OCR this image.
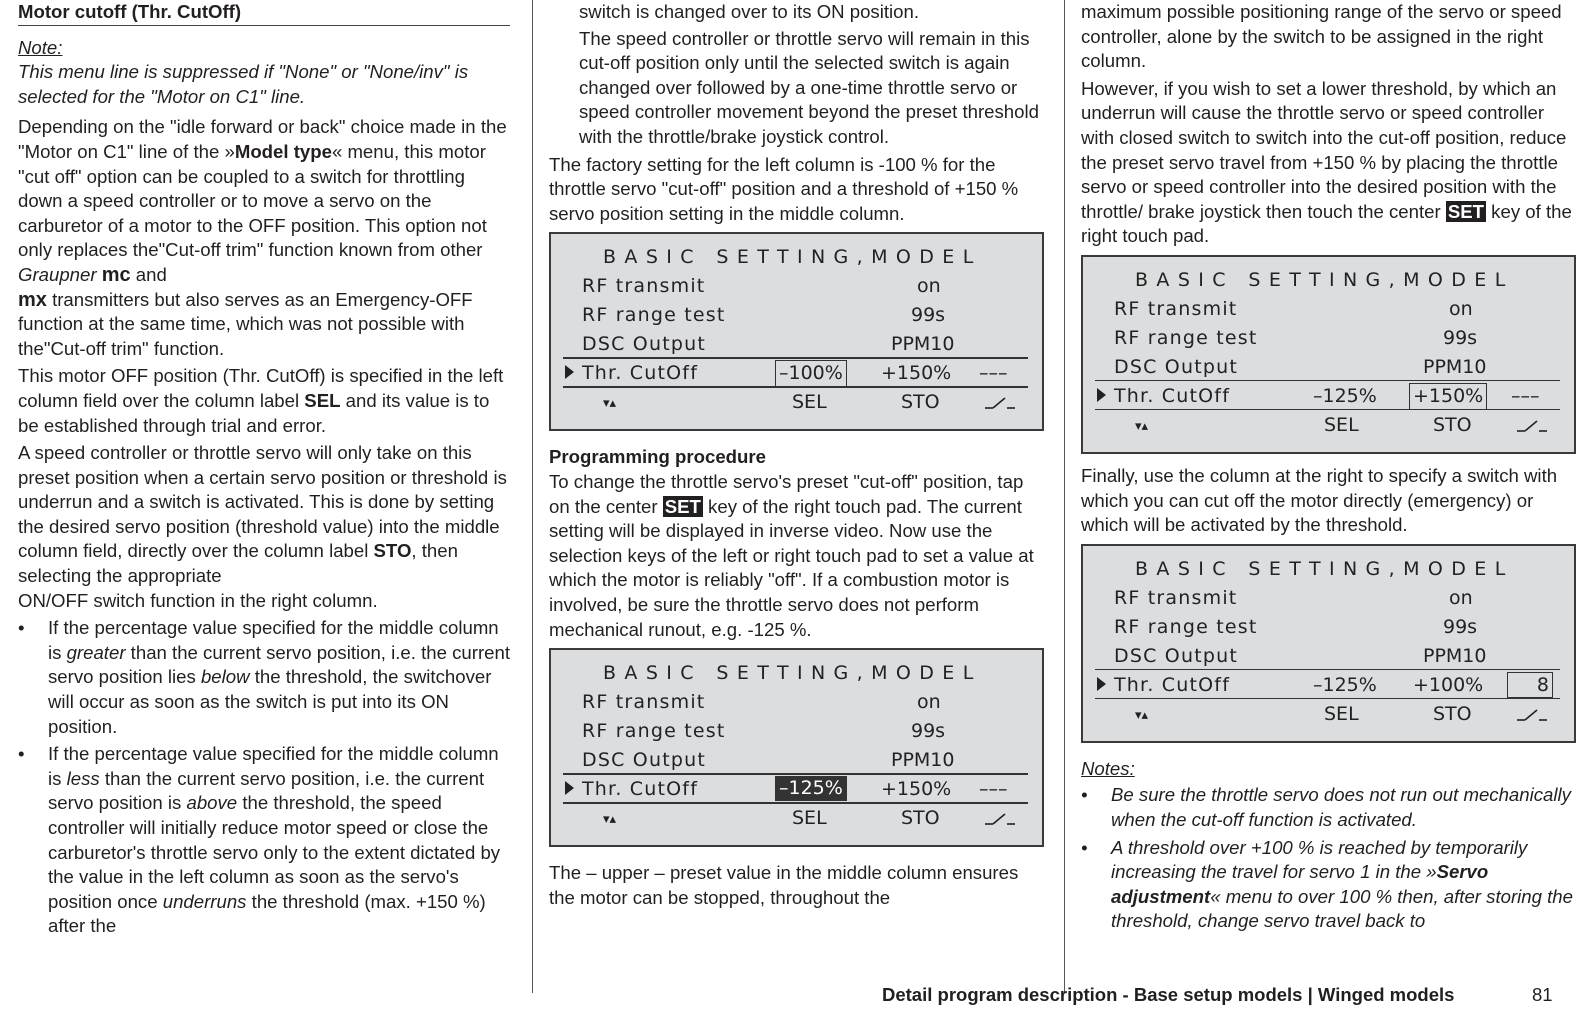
Motor cutoff (Thr. CutOff)

Note:
This menu line is suppressed if "None" or "None/inv" is selected for the "Motor on C1" line.

Depending on the "idle forward or back" choice made in the "Motor on C1" line of the »Model type« menu, this motor "cut off" option can be coupled to a switch for throttling down a speed controller or to move a servo on the carburetor of a motor to the OFF position. This option not only replaces the"Cut-off trim" function known from other Graupner mc and
mx transmitters but also serves as an Emergency-OFF function at the same time, which was not possible with the"Cut-off trim" function.

This motor OFF position (Thr. CutOff) is specified in the left column field over the column label SEL and its value is to be established through trial and error.

A speed controller or throttle servo will only take on this preset position when a certain servo position or threshold is underrun and a switch is activated. This is done by setting the desired servo position (threshold value) into the middle column field, directly over the column label STO, then selecting the appropriate

ON/OFF switch function in the right column.

• If the percentage value specified for the middle column is greater than the current servo position, i.e. the current servo position lies below the threshold, the switchover will occur as soon as the switch is put into its ON position.
• If the percentage value specified for the middle column is less than the current servo position, i.e. the current servo position is above the threshold, the speed controller will initially reduce motor speed or close the carburetor's throttle servo only to the extent dictated by the value in the left column as soon as the servo's position once underruns the threshold (max. +150 %) after the

switch is changed over to its ON position.

The speed controller or throttle servo will remain in this cut-off position only until the selected switch is again changed over followed by a one-time throttle servo or speed controller movement beyond the preset threshold with the throttle/brake joystick control.

The factory setting for the left column is -100 % for the throttle servo "cut-off" position and a threshold of +150 % servo position setting in the middle column.

BASIC SETTING,MODEL
RF transmit	on
RF range test	99s
DSC Output	PPM10
Thr. CutOff	–100% +150% –––
▾▴	SEL	STO

Programming procedure

To change the throttle servo's preset "cut-off" position, tap on the center SET key of the right touch pad. The current setting will be displayed in inverse video. Now use the selection keys of the left or right touch pad to set a value at which the motor is reliably "off". If a combustion motor is involved, be sure the throttle servo does not perform mechanical runout, e.g. -125 %.

BASIC SETTING,MODEL
RF transmit	on
RF range test	99s
DSC Output	PPM10
Thr. CutOff	–125% +150% –––
▾▴	SEL	STO

The – upper – preset value in the middle column ensures the motor can be stopped, throughout the

maximum possible positioning range of the servo or speed controller, alone by the switch to be assigned in the right column.

However, if you wish to set a lower threshold, by which an underrun will cause the throttle servo or speed controller with closed switch to switch into the cut-off position, reduce the preset servo travel from +150 % by placing the throttle servo or speed controller into the desired position with the throttle/ brake joystick then touch the center SET key of the right touch pad.

BASIC SETTING,MODEL
RF transmit	on
RF range test	99s
DSC Output	PPM10
Thr. CutOff	–125% +150% –––
▾▴	SEL	STO

Finally, use the column at the right to specify a switch with which you can cut off the motor directly (emergency) or which will be activated by the threshold.

BASIC SETTING,MODEL
RF transmit	on
RF range test	99s
DSC Output	PPM10
Thr. CutOff	–125% +100%	8
▾▴	SEL	STO

Notes:

• Be sure the throttle servo does not run out mechanically when the cut-off function is activated.
• A threshold over +100 % is reached by temporarily increasing the travel for servo 1 in the »Servo adjustment« menu to over 100 % then, after storing the threshold, change servo travel back to
Detail program description - Base setup models | Winged models	81
